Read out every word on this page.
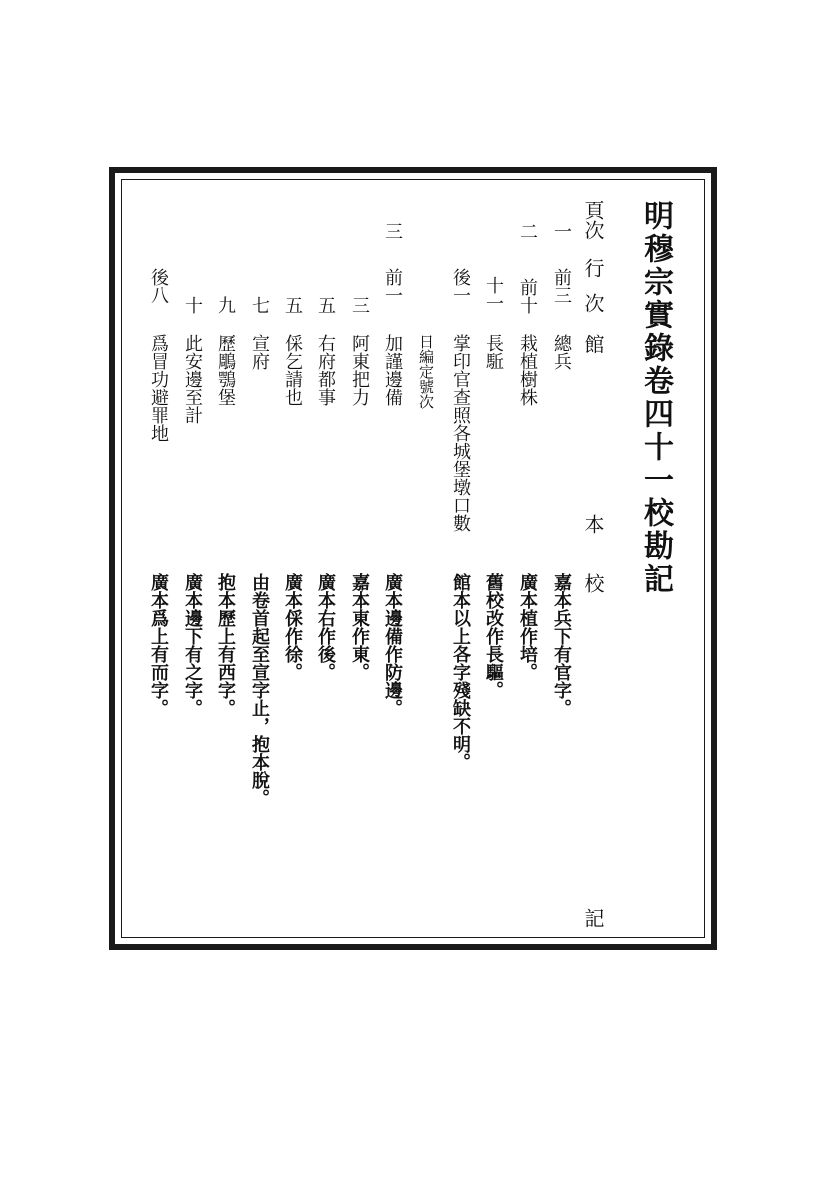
明穆宗實錄卷四十一校勘記
頁次
行
次
館
本
校
記
一
前三
總兵
嘉本兵下有官字。
二
前十
栽植樹株
廣本植作培。
十一
長駈
舊校改作長驅。
後一
掌印官查照各城堡墩口數
館本以上各字殘缺不明。
日編定號次
三
前一
加謹邊備
廣本邊備作防邊。
三
阿東把力
嘉本東作東。
五
右府都事
廣本右作後。
五
倸乞請也
廣本倸作徐。
七
宣府
由卷首起至宣字止，抱本脫。
九
歷鵰鶚堡
抱本歷上有西字。
十
此安邊至計
廣本邊下有之字。
後八
爲冒功避罪地
廣本爲上有而字。
